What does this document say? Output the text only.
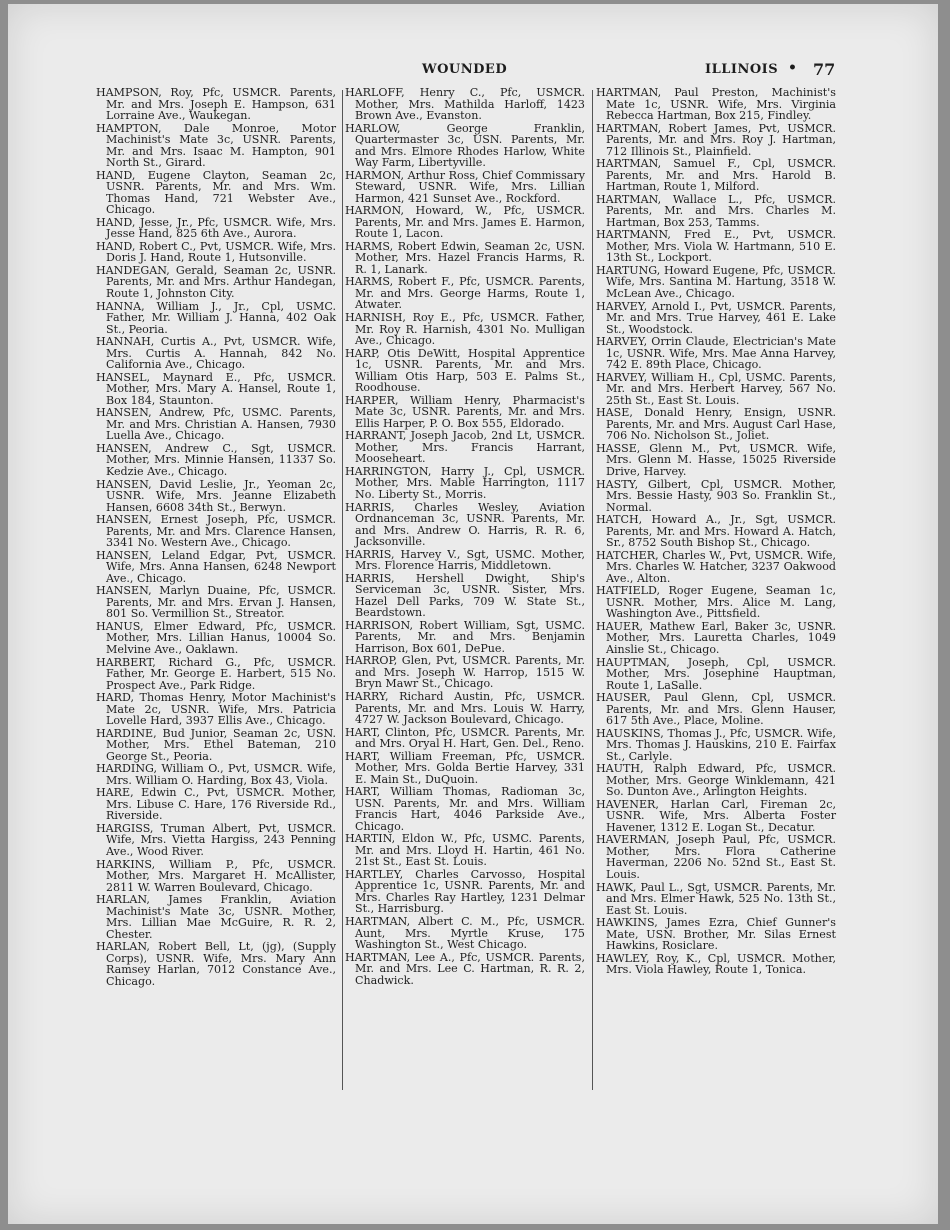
WOUNDED	ILLINOIS • 77

HAMPSON, Roy, Pfc, USMCR. Parents, Mr. and Mrs. Joseph E. Hampson, 631 Lorraine Ave., Waukegan.

HAMPTON, Dale Monroe, Motor Machinist's Mate 3c, USNR. Parents, Mr. and Mrs. Isaac M. Hampton, 901 North St., Girard.

HAND, Eugene Clayton, Seaman 2c, USNR. Parents, Mr. and Mrs. Wm. Thomas Hand, 721 Webster Ave., Chicago.

HAND, Jesse, Jr., Pfc, USMCR. Wife, Mrs. Jesse Hand, 825 6th Ave., Aurora.

HAND, Robert C., Pvt, USMCR. Wife, Mrs. Doris J. Hand, Route 1, Hutsonville.

HANDEGAN, Gerald, Seaman 2c, USNR. Parents, Mr. and Mrs. Arthur Handegan, Route 1, Johnston City.

HANNA, William J., Jr., Cpl, USMC. Father, Mr. William J. Hanna, 402 Oak St., Peoria.

HANNAH, Curtis A., Pvt, USMCR. Wife, Mrs. Curtis A. Hannah, 842 No. California Ave., Chicago.

HANSEL, Maynard E., Pfc, USMCR. Mother, Mrs. Mary A. Hansel, Route 1, Box 184, Staunton.

HANSEN, Andrew, Pfc, USMC. Parents, Mr. and Mrs. Christian A. Hansen, 7930 Luella Ave., Chicago.

HANSEN, Andrew C., Sgt, USMCR. Mother, Mrs. Minnie Hansen, 11337 So. Kedzie Ave., Chicago.

HANSEN, David Leslie, Jr., Yeoman 2c, USNR. Wife, Mrs. Jeanne Elizabeth Hansen, 6608 34th St., Berwyn.

HANSEN, Ernest Joseph, Pfc, USMCR. Parents, Mr. and Mrs. Clarence Hansen, 3341 No. Western Ave., Chicago.

HANSEN, Leland Edgar, Pvt, USMCR. Wife, Mrs. Anna Hansen, 6248 Newport Ave., Chicago.

HANSEN, Marlyn Duaine, Pfc, USMCR. Parents, Mr. and Mrs. Ervan J. Hansen, 801 So. Vermillion St., Streator.

HANUS, Elmer Edward, Pfc, USMCR. Mother, Mrs. Lillian Hanus, 10004 So. Melvine Ave., Oaklawn.

HARBERT, Richard G., Pfc, USMCR. Father, Mr. George E. Harbert, 515 No. Prospect Ave., Park Ridge.

HARD, Thomas Henry, Motor Machinist's Mate 2c, USNR. Wife, Mrs. Patricia Lovelle Hard, 3937 Ellis Ave., Chicago.

HARDINE, Bud Junior, Seaman 2c, USN. Mother, Mrs. Ethel Bateman, 210 George St., Peoria.

HARDING, William O., Pvt, USMCR. Wife, Mrs. William O. Harding, Box 43, Viola.

HARE, Edwin C., Pvt, USMCR. Mother, Mrs. Libuse C. Hare, 176 Riverside Rd., Riverside.

HARGISS, Truman Albert, Pvt, USMCR. Wife, Mrs. Vietta Hargiss, 243 Penning Ave., Wood River.

HARKINS, William P., Pfc, USMCR. Mother, Mrs. Margaret H. McAllister, 2811 W. Warren Boulevard, Chicago.

HARLAN, James Franklin, Aviation Machinist's Mate 3c, USNR. Mother, Mrs. Lillian Mae McGuire, R. R. 2, Chester.

HARLAN, Robert Bell, Lt, (jg), (Supply Corps), USNR. Wife, Mrs. Mary Ann Ramsey Harlan, 7012 Constance Ave., Chicago.

HARLOFF, Henry C., Pfc, USMCR. Mother, Mrs. Mathilda Harloff, 1423 Brown Ave., Evanston.

HARLOW, George Franklin, Quartermaster 3c, USN. Parents, Mr. and Mrs. Elmore Rhodes Harlow, White Way Farm, Libertyville.

HARMON, Arthur Ross, Chief Commissary Steward, USNR. Wife, Mrs. Lillian Harmon, 421 Sunset Ave., Rockford.

HARMON, Howard, W., Pfc, USMCR. Parents, Mr. and Mrs. James E. Harmon, Route 1, Lacon.

HARMS, Robert Edwin, Seaman 2c, USN. Mother, Mrs. Hazel Francis Harms, R. R. 1, Lanark.

HARMS, Robert F., Pfc, USMCR. Parents, Mr. and Mrs. George Harms, Route 1, Atwater.

HARNISH, Roy E., Pfc, USMCR. Father, Mr. Roy R. Harnish, 4301 No. Mulligan Ave., Chicago.

HARP, Otis DeWitt, Hospital Apprentice 1c, USNR. Parents, Mr. and Mrs. William Otis Harp, 503 E. Palms St., Roodhouse.

HARPER, William Henry, Pharmacist's Mate 3c, USNR. Parents, Mr. and Mrs. Ellis Harper, P. O. Box 555, Eldorado.

HARRANT, Joseph Jacob, 2nd Lt, USMCR. Mother, Mrs. Francis Harrant, Mooseheart.

HARRINGTON, Harry J., Cpl, USMCR. Mother, Mrs. Mable Harrington, 1117 No. Liberty St., Morris.

HARRIS, Charles Wesley, Aviation Ordnanceman 3c, USNR. Parents, Mr. and Mrs. Andrew O. Harris, R. R. 6, Jacksonville.

HARRIS, Harvey V., Sgt, USMC. Mother, Mrs. Florence Harris, Middletown.

HARRIS, Hershell Dwight, Ship's Serviceman 3c, USNR. Sister, Mrs. Hazel Dell Parks, 709 W. State St., Beardstown.

HARRISON, Robert William, Sgt, USMC. Parents, Mr. and Mrs. Benjamin Harrison, Box 601, DePue.

HARROP, Glen, Pvt, USMCR. Parents, Mr. and Mrs. Joseph W. Harrop, 1515 W. Bryn Mawr St., Chicago.

HARRY, Richard Austin, Pfc, USMCR. Parents, Mr. and Mrs. Louis W. Harry, 4727 W. Jackson Boulevard, Chicago.

HART, Clinton, Pfc, USMCR. Parents, Mr. and Mrs. Oryal H. Hart, Gen. Del., Reno.

HART, William Freeman, Pfc, USMCR. Mother, Mrs. Golda Bertie Harvey, 331 E. Main St., DuQuoin.

HART, William Thomas, Radioman 3c, USN. Parents, Mr. and Mrs. William Francis Hart, 4046 Parkside Ave., Chicago.

HARTIN, Eldon W., Pfc, USMC. Parents, Mr. and Mrs. Lloyd H. Hartin, 461 No. 21st St., East St. Louis.

HARTLEY, Charles Carvosso, Hospital Apprentice 1c, USNR. Parents, Mr. and Mrs. Charles Ray Hartley, 1231 Delmar St., Harrisburg.

HARTMAN, Albert C. M., Pfc, USMCR. Aunt, Mrs. Myrtle Kruse, 175 Washington St., West Chicago.

HARTMAN, Lee A., Pfc, USMCR. Parents, Mr. and Mrs. Lee C. Hartman, R. R. 2, Chadwick.

HARTMAN, Paul Preston, Machinist's Mate 1c, USNR. Wife, Mrs. Virginia Rebecca Hartman, Box 215, Findley.

HARTMAN, Robert James, Pvt, USMCR. Parents, Mr. and Mrs. Roy J. Hartman, 712 Illinois St., Plainfield.

HARTMAN, Samuel F., Cpl, USMCR. Parents, Mr. and Mrs. Harold B. Hartman, Route 1, Milford.

HARTMAN, Wallace L., Pfc, USMCR. Parents, Mr. and Mrs. Charles M. Hartman, Box 253, Tamms.

HARTMANN, Fred E., Pvt, USMCR. Mother, Mrs. Viola W. Hartmann, 510 E. 13th St., Lockport.

HARTUNG, Howard Eugene, Pfc, USMCR. Wife, Mrs. Santina M. Hartung, 3518 W. McLean Ave., Chicago.

HARVEY, Arnold I., Pvt, USMCR. Parents, Mr. and Mrs. True Harvey, 461 E. Lake St., Woodstock.

HARVEY, Orrin Claude, Electrician's Mate 1c, USNR. Wife, Mrs. Mae Anna Harvey, 742 E. 89th Place, Chicago.

HARVEY, William H., Cpl, USMC. Parents, Mr. and Mrs. Herbert Harvey, 567 No. 25th St., East St. Louis.

HASE, Donald Henry, Ensign, USNR. Parents, Mr. and Mrs. August Carl Hase, 706 No. Nicholson St., Joliet.

HASSE, Glenn M., Pvt, USMCR. Wife, Mrs. Glenn M. Hasse, 15025 Riverside Drive, Harvey.

HASTY, Gilbert, Cpl, USMCR. Mother, Mrs. Bessie Hasty, 903 So. Franklin St., Normal.

HATCH, Howard A., Jr., Sgt, USMCR. Parents, Mr. and Mrs. Howard A. Hatch, Sr., 8752 South Bishop St., Chicago.

HATCHER, Charles W., Pvt, USMCR. Wife, Mrs. Charles W. Hatcher, 3237 Oakwood Ave., Alton.

HATFIELD, Roger Eugene, Seaman 1c, USNR. Mother, Mrs. Alice M. Lang, Washington Ave., Pittsfield.

HAUER, Mathew Earl, Baker 3c, USNR. Mother, Mrs. Lauretta Charles, 1049 Ainslie St., Chicago.

HAUPTMAN, Joseph, Cpl, USMCR. Mother, Mrs. Josephine Hauptman, Route 1, LaSalle.

HAUSER, Paul Glenn, Cpl, USMCR. Parents, Mr. and Mrs. Glenn Hauser, 617 5th Ave., Place, Moline.

HAUSKINS, Thomas J., Pfc, USMCR. Wife, Mrs. Thomas J. Hauskins, 210 E. Fairfax St., Carlyle.

HAUTH, Ralph Edward, Pfc, USMCR. Mother, Mrs. George Winklemann, 421 So. Dunton Ave., Arlington Heights.

HAVENER, Harlan Carl, Fireman 2c, USNR. Wife, Mrs. Alberta Foster Havener, 1312 E. Logan St., Decatur.

HAVERMAN, Joseph Paul, Pfc, USMCR. Mother, Mrs. Flora Catherine Haverman, 2206 No. 52nd St., East St. Louis.

HAWK, Paul L., Sgt, USMCR. Parents, Mr. and Mrs. Elmer Hawk, 525 No. 13th St., East St. Louis.

HAWKINS, James Ezra, Chief Gunner's Mate, USN. Brother, Mr. Silas Ernest Hawkins, Rosiclare.

HAWLEY, Roy, K., Cpl, USMCR. Mother, Mrs. Viola Hawley, Route 1, Tonica.
